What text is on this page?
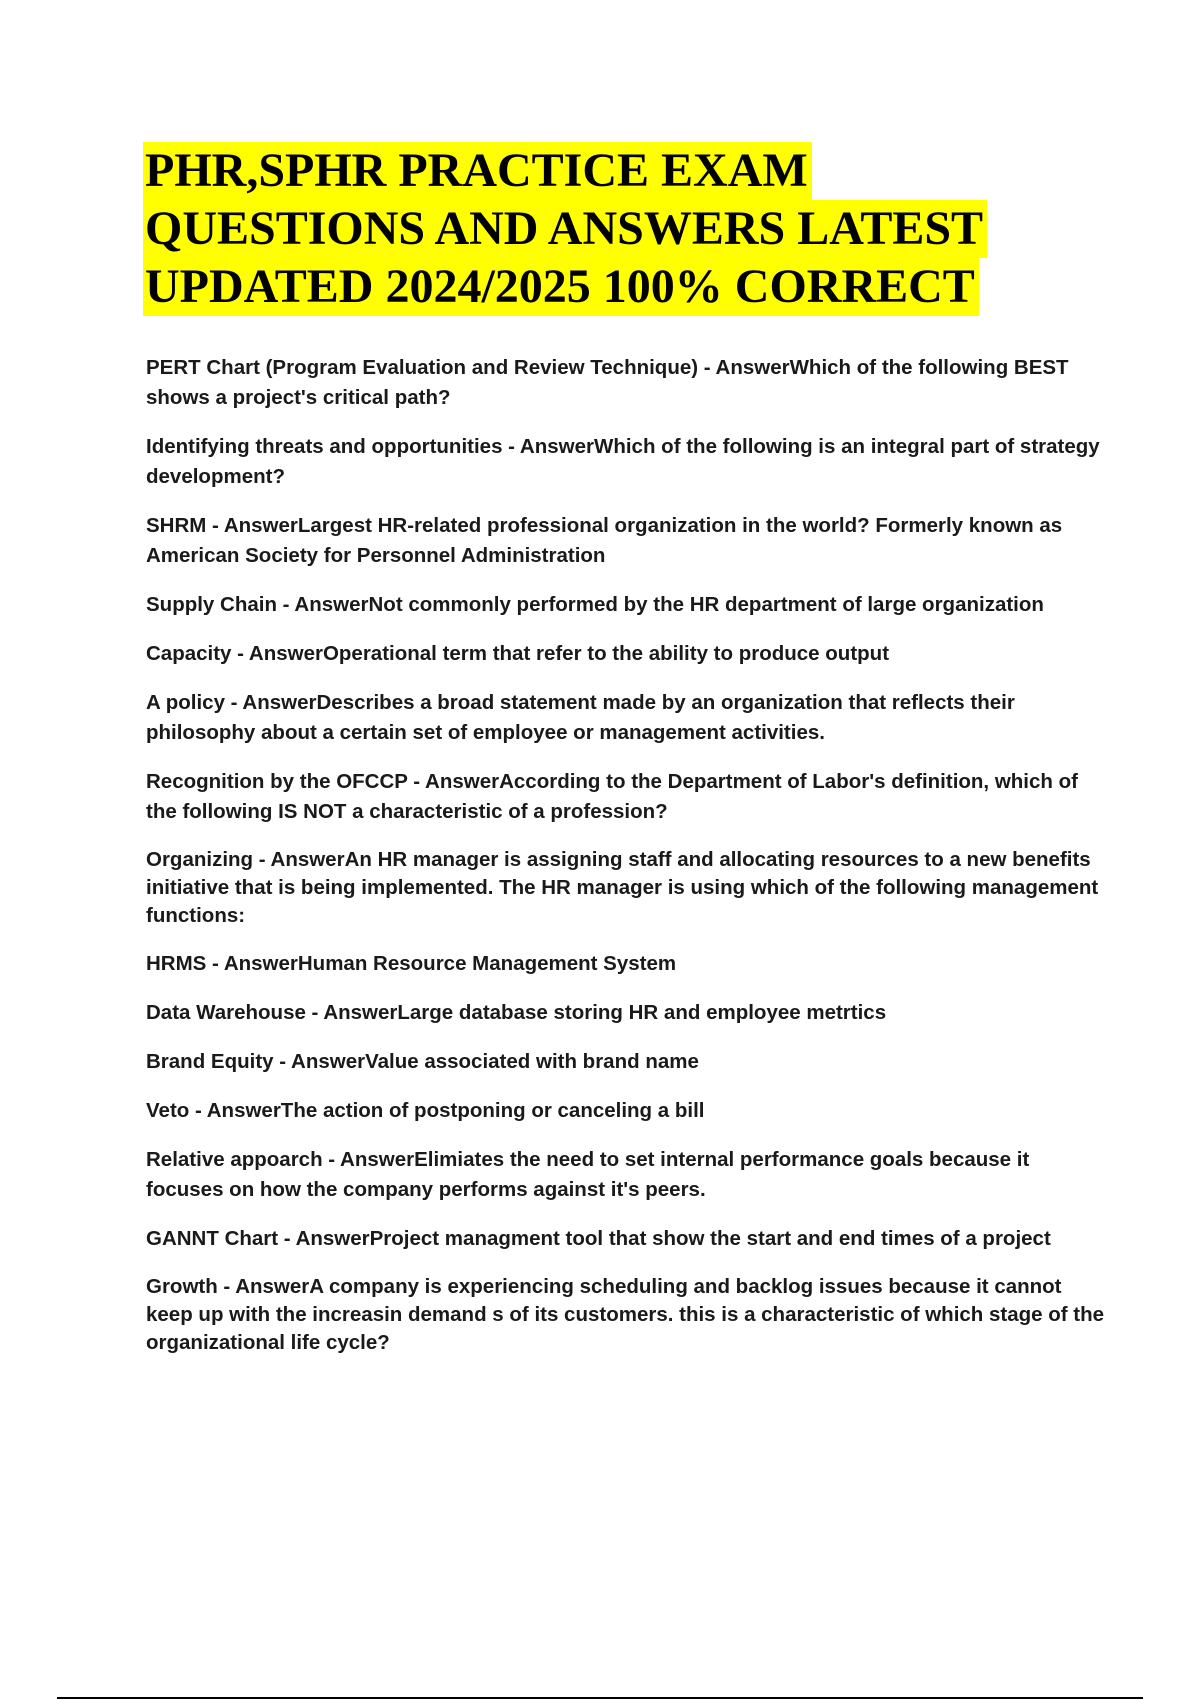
PHR,SPHR PRACTICE EXAM
QUESTIONS AND ANSWERS LATEST
UPDATED 2024/2025 100% CORRECT
PERT Chart (Program Evaluation and Review Technique) - AnswerWhich of the following BEST shows a project's critical path?
Identifying threats and opportunities - AnswerWhich of the following is an integral part of strategy development?
SHRM - AnswerLargest HR-related professional organization in the world? Formerly known as American Society for Personnel Administration
Supply Chain - AnswerNot commonly performed by the HR department of large organization
Capacity - AnswerOperational term that refer to the ability to produce output
A policy - AnswerDescribes a broad statement made by an organization that reflects their philosophy about a certain set of employee or management activities.
Recognition by the OFCCP - AnswerAccording to the Department of Labor's definition, which of the following IS NOT a characteristic of a profession?
Organizing - AnswerAn HR manager is assigning staff and allocating resources to a new benefits initiative that is being implemented. The HR manager is using which of the following management functions:
HRMS - AnswerHuman Resource Management System
Data Warehouse - AnswerLarge database storing HR and employee metrtics
Brand Equity - AnswerValue associated with brand name
Veto - AnswerThe action of postponing or canceling a bill
Relative appoarch - AnswerElimiates the need to set internal performance goals because it focuses on how the company performs against it's peers.
GANNT Chart - AnswerProject managment tool that show the start and end times of a project
Growth - AnswerA company is experiencing scheduling and backlog issues because it cannot keep up with the increasin demand s of its customers. this is a characteristic of which stage of the organizational life cycle?
